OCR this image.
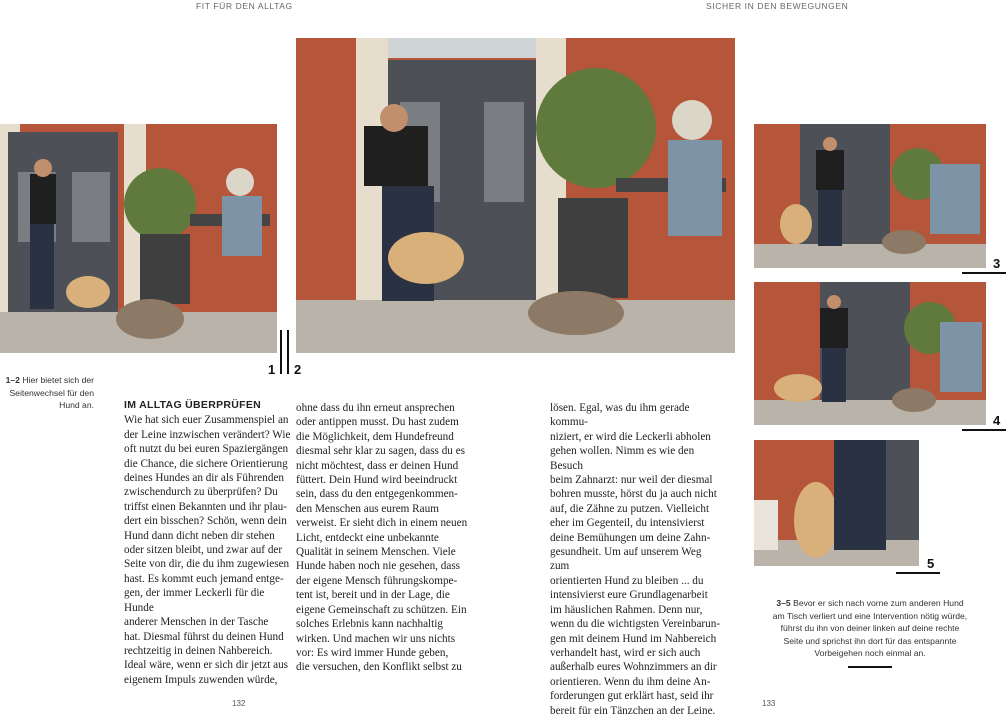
FIT FÜR DEN ALLTAG	SICHER IN DEN BEWEGUNGEN
1 2
3
4
5
1–2 Hier bietet sich der Seitenwechsel für den Hund an.
3–5 Bevor er sich nach vorne zum anderen Hund am Tisch verliert und eine Intervention nötig würde, führst du ihn von deiner linken auf deine rechte Seite und sprichst ihn dort für das entspannte Vorbeigehen noch einmal an.
IM ALLTAG ÜBERPRÜFEN

Wie hat sich euer Zusammenspiel an
der Leine inzwischen verändert? Wie
oft nutzt du bei euren Spaziergängen
die Chance, die sichere Orientierung
deines Hundes an dir als Führenden
zwischendurch zu überprüfen? Du
triffst einen Bekannten und ihr plau-
dert ein bisschen? Schön, wenn dein
Hund dann dicht neben dir stehen
oder sitzen bleibt, und zwar auf der
Seite von dir, die du ihm zugewiesen
hast. Es kommt euch jemand entge-
gen, der immer Leckerli für die Hunde
anderer Menschen in der Tasche
hat. Diesmal führst du deinen Hund
rechtzeitig in deinen Nahbereich.
Ideal wäre, wenn er sich dir jetzt aus
eigenem Impuls zuwenden würde,

ohne dass du ihn erneut ansprechen
oder antippen musst. Du hast zudem
die Möglichkeit, dem Hundefreund
diesmal sehr klar zu sagen, dass du es
nicht möchtest, dass er deinen Hund
füttert. Dein Hund wird beeindruckt
sein, dass du den entgegenkommen-
den Menschen aus eurem Raum
verweist. Er sieht dich in einem neuen
Licht, entdeckt eine unbekannte
Qualität in seinem Menschen. Viele
Hunde haben noch nie gesehen, dass
der eigene Mensch führungskompe-
tent ist, bereit und in der Lage, die
eigene Gemeinschaft zu schützen. Ein
solches Erlebnis kann nachhaltig
wirken. Und machen wir uns nichts
vor: Es wird immer Hunde geben,
die versuchen, den Konflikt selbst zu

lösen. Egal, was du ihm gerade kommu-
niziert, er wird die Leckerli abholen
gehen wollen. Nimm es wie den Besuch
beim Zahnarzt: nur weil der diesmal
bohren musste, hörst du ja auch nicht
auf, die Zähne zu putzen. Vielleicht
eher im Gegenteil, du intensivierst
deine Bemühungen um deine Zahn-
gesundheit. Um auf unserem Weg zum
orientierten Hund zu bleiben ... du
intensivierst eure Grundlagenarbeit
im häuslichen Rahmen. Denn nur,
wenn du die wichtigsten Vereinbarun-
gen mit deinem Hund im Nahbereich
verhandelt hast, wird er sich auch
außerhalb eures Wohnzimmers an dir
orientieren. Wenn du ihm deine An-
forderungen gut erklärt hast, seid ihr
bereit für ein Tänzchen an der Leine.

132	133
